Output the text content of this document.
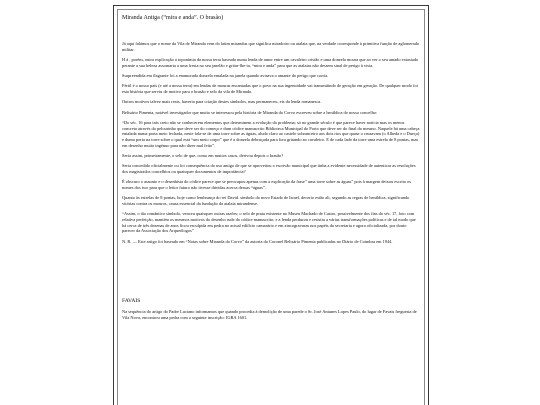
Miranda Antiga (“mira e anda”. O brasão)

Já aqui falámos que o nome da Vila de Miranda vem do latim mirandus que significa miradoiro ou atalaia que, na verdade corresponde à primitiva função de aglomerado militar.

H á , porém, outra explicação a toponímia da nossa terra baseada numa lenda de amor entre um cavaleiro cristão e uma donzela moura que ao ver o seu amado extasiado perante a sua beleza assomaria a uma fresta no seu janelão e gritar-lhe-ia, “mira e anda” para que as atalaias não dessem sinal de perigo à vista.

Surpreendida em flagrante foi a enamorada donzela entalada na janela quando avisava o amante do perigo que corria.

Fértil é o nosso país (e até a nossa terra) em lendas de mouras encantadas que o povo na sua ingenuidade vai transmitindo de geração em geração. De qualquer modo foi esta história que serviu de motivo para o brasão e selo da vila de Miranda.

Outros motivos talvez mais reais, haveria para criação destes símbolos, mas permaneceu, eis da lenda romanesca.

Belisário Pimenta, notável investigador que muito se interessou pela história de Miranda do Corvo escreveu sobre a heráldica do nosso concelho:

“Do séc. 16 para trás creio não se conhecerem elementos que determinem a evolução do problema; só no grande século é que parece haver notícia mas os menos concreta através do pelourinho que deve ser do começo e dum códice manuscrito Biblioteca Municipal do Porto que deve ser do final do mesmo. Naquele há uma cabeça entalada numa porta meio fechada, neste fala-se de uma torre sobre as águas, aludo claro ao castelo sobranceiro aos dois rios que quase o cruzavam (o Alheda e o Dueça) e duma porta na torre sobre o qual está “um meio corpo” que é a donzela debruçada para fora gritando ao cavaleiro. E de cada lado da torre uma estrela de 8 pontas, mas em desenho muito ingénuo para não dizer mal feito”.

Seria assim, primeiramente, o selo de que, como em muitos casos, derivou depois o brasão?

Seria concedido oficialmente ou foi consequência do uso antigo de que se aproveitou o escrivão municipal que tinha a evidente necessidade de autenticar as resoluções dos magistrados concelhios ou quaisquer documentos de importância?

É obscuro o assunto e o desenhista do códice parece que se preocupou apenas com a explicação da frase” uma torre sobre as águas” pois à margem deixou escrito os nomes dos two para que o leitor futuro não tivesse dúvidas acerca dessas “águas”.

Quanto às estrelas de 8 pontas, hoje como lembrança do rei David. símbolo do novo Estado de Israel, decerto estão ali, segundo as regras de heráldica, significando vitórias contra os mouros, causa essencial da fundação da atalaia mirandense.

“Assim, o tão romântico símbolo, venceu quaisquer outras razões; o selo de prata existente no Museu Machado de Castro, possivelmente dos fins do séc. 17, foto com relativa perfeição, mantém os mesmos motivos do desenho rude do códice manuscrito; e a lenda perdurou e resistiu a várias transformações políticas e de tal modo que há cerca de três dezenas de anos ficou esculpida em pedra no actual edifício camarário e em zincogravuras nos papéis da secretaria e agora oficializada, por douto parecer da Associação dos Arqueólogos”

N. R. — Este artigo foi baseado em “Notas sobre Miranda do Corvo” da autoria do Coronel Belisário Pimenta publicadas no Diário de Coimbra em 1944.

FAVAIS

Na sequência do artigo do Padre Luciano informamos que quando procedia à demolição de uma parede o Sr. José Antunes Lopes Paulo, do lugar de Favais freguesia de Vila Nova, encontrou uma pedra com a seguinte inscrição: IGRA 1601.
